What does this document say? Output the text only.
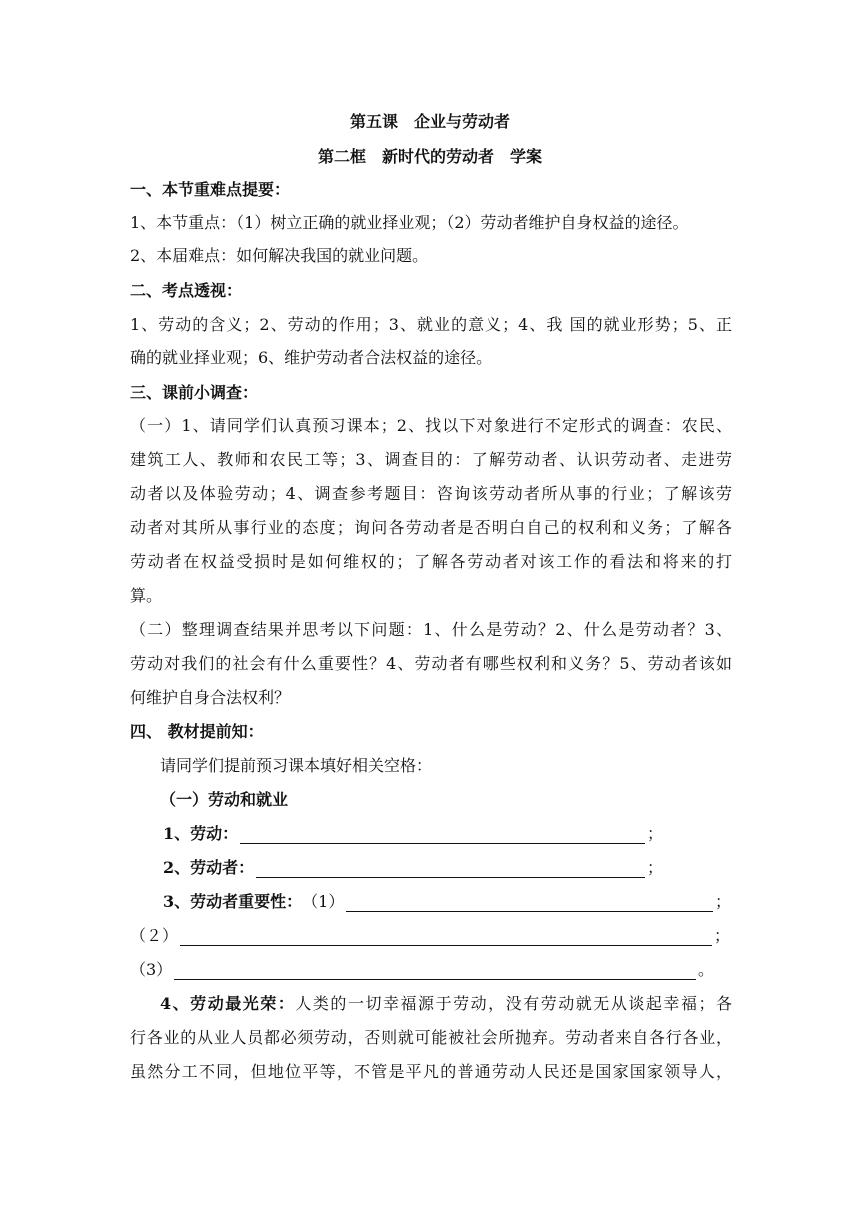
第五课　企业与劳动者
第二框　新时代的劳动者　学案
一、本节重难点提要：
1、本节重点：（1）树立正确的就业择业观；（2）劳动者维护自身权益的途径。
2、本届难点：如何解决我国的就业问题。
二、考点透视：
1、劳动的含义；2、劳动的作用；3、就业的意义；4、我 国的就业形势；5、正
确的就业择业观；6、维护劳动者合法权益的途径。
三、课前小调查：
（一）1、请同学们认真预习课本；2、找以下对象进行不定形式的调查：农民、
建筑工人、教师和农民工等；3、调查目的：了解劳动者、认识劳动者、走进劳
动者以及体验劳动；4、调查参考题目：咨询该劳动者所从事的行业；了解该劳
动者对其所从事行业的态度；询问各劳动者是否明白自己的权利和义务；了解各
劳动者在权益受损时是如何维权的；了解各劳动者对该工作的看法和将来的打
算。
（二）整理调查结果并思考以下问题：1、什么是劳动？2、什么是劳动者？3、
劳动对我们的社会有什么重要性？4、劳动者有哪些权利和义务？5、劳动者该如
何维护自身合法权利？
四、 教材提前知：
请同学们提前预习课本填好相关空格：
（一）劳动和就业
1、劳动：	；
2、劳动者：	；
3、劳动者重要性： （1）	；
（２）	；
（3）	。
4、劳动最光荣：人类的一切幸福源于劳动，没有劳动就无从谈起幸福；各
行各业的从业人员都必须劳动，否则就可能被社会所抛弃。劳动者来自各行各业，
虽然分工不同，但地位平等，不管是平凡的普通劳动人民还是国家国家领导人，
